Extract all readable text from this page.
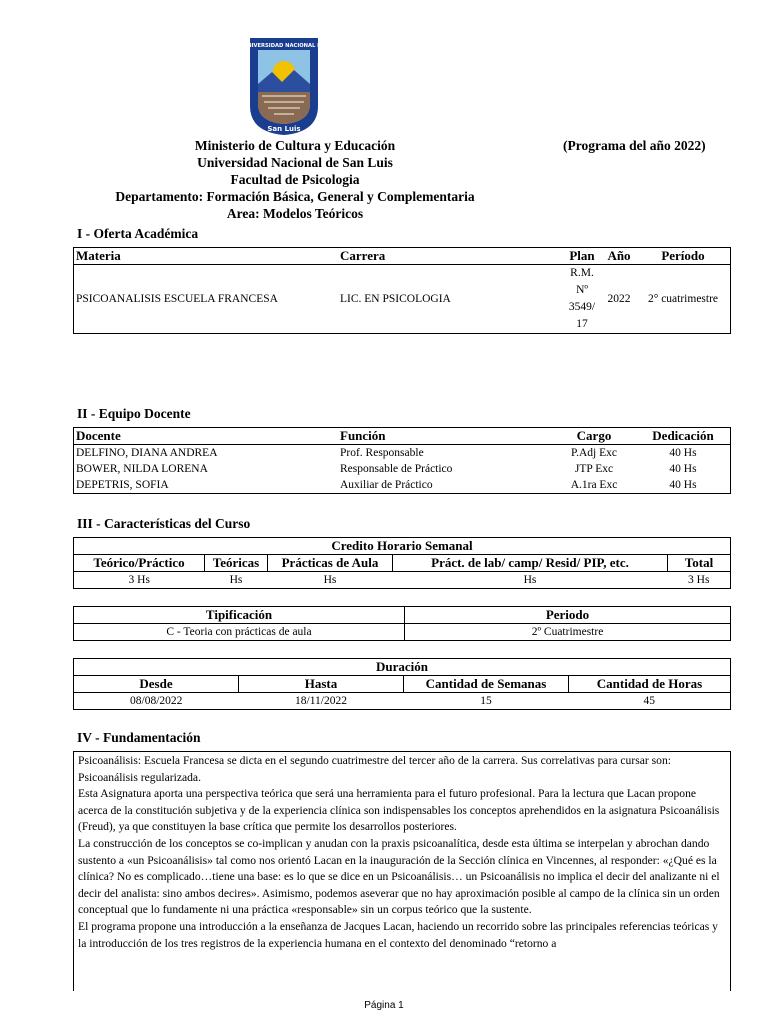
UNIVERSIDAD NACIONAL DE
San Luis
Ministerio de Cultura y Educación
Universidad Nacional de San Luis
Facultad de Psicologia
Departamento: Formación Básica, General y Complementaria
Area: Modelos Teóricos
(Programa del año 2022)
I - Oferta Académica
Materia	Carrera	Plan	Año	Período
PSICOANALISIS ESCUELA FRANCESA	LIC. EN PSICOLOGIA	R.M.
Nº
3549/
17	2022	2° cuatrimestre
II - Equipo Docente
Docente	Función	Cargo	Dedicación
DELFINO, DIANA ANDREA	Prof. Responsable	P.Adj Exc	40 Hs
BOWER, NILDA LORENA	Responsable de Práctico	JTP Exc	40 Hs
DEPETRIS, SOFIA	Auxiliar de Práctico	A.1ra Exc	40 Hs
III - Características del Curso
Credito Horario Semanal				
Teórico/Práctico	Teóricas	Prácticas de Aula	Práct. de lab/ camp/ Resid/ PIP, etc.	Total
3 Hs	Hs	Hs	Hs	3 Hs
Tipificación	Periodo
C - Teoria con prácticas de aula	2º Cuatrimestre
Duración			
Desde	Hasta	Cantidad de Semanas	Cantidad de Horas
08/08/2022	18/11/2022	15	45
IV - Fundamentación

Psicoanálisis: Escuela Francesa se dicta en el segundo cuatrimestre del tercer año de la carrera. Sus correlativas para cursar son: Psicoanálisis regularizada.

Esta Asignatura aporta una perspectiva teórica que será una herramienta para el futuro profesional. Para la lectura que Lacan propone acerca de la constitución subjetiva y de la experiencia clínica son indispensables los conceptos aprehendidos en la asignatura Psicoanálisis (Freud), ya que constituyen la base crítica que permite los desarrollos posteriores.

La construcción de los conceptos se co-implican y anudan con la praxis psicoanalítica, desde esta última se interpelan y abrochan dando sustento a «un Psicoanálisis» tal como nos orientó Lacan en la inauguración de la Sección clínica en Vincennes, al responder: «¿Qué es la clínica? No es complicado…tiene una base: es lo que se dice en un Psicoanálisis… un Psicoanálisis no implica el decir del analizante ni el decir del analista: sino ambos decires». Asimismo, podemos aseverar que no hay aproximación posible al campo de la clínica sin un orden conceptual que lo fundamente ni una práctica «responsable» sin un corpus teórico que la sustente.

El programa propone una introducción a la enseñanza de Jacques Lacan, haciendo un recorrido sobre las principales referencias teóricas y la introducción de los tres registros de la experiencia humana en el contexto del denominado “retorno a

Página 1
